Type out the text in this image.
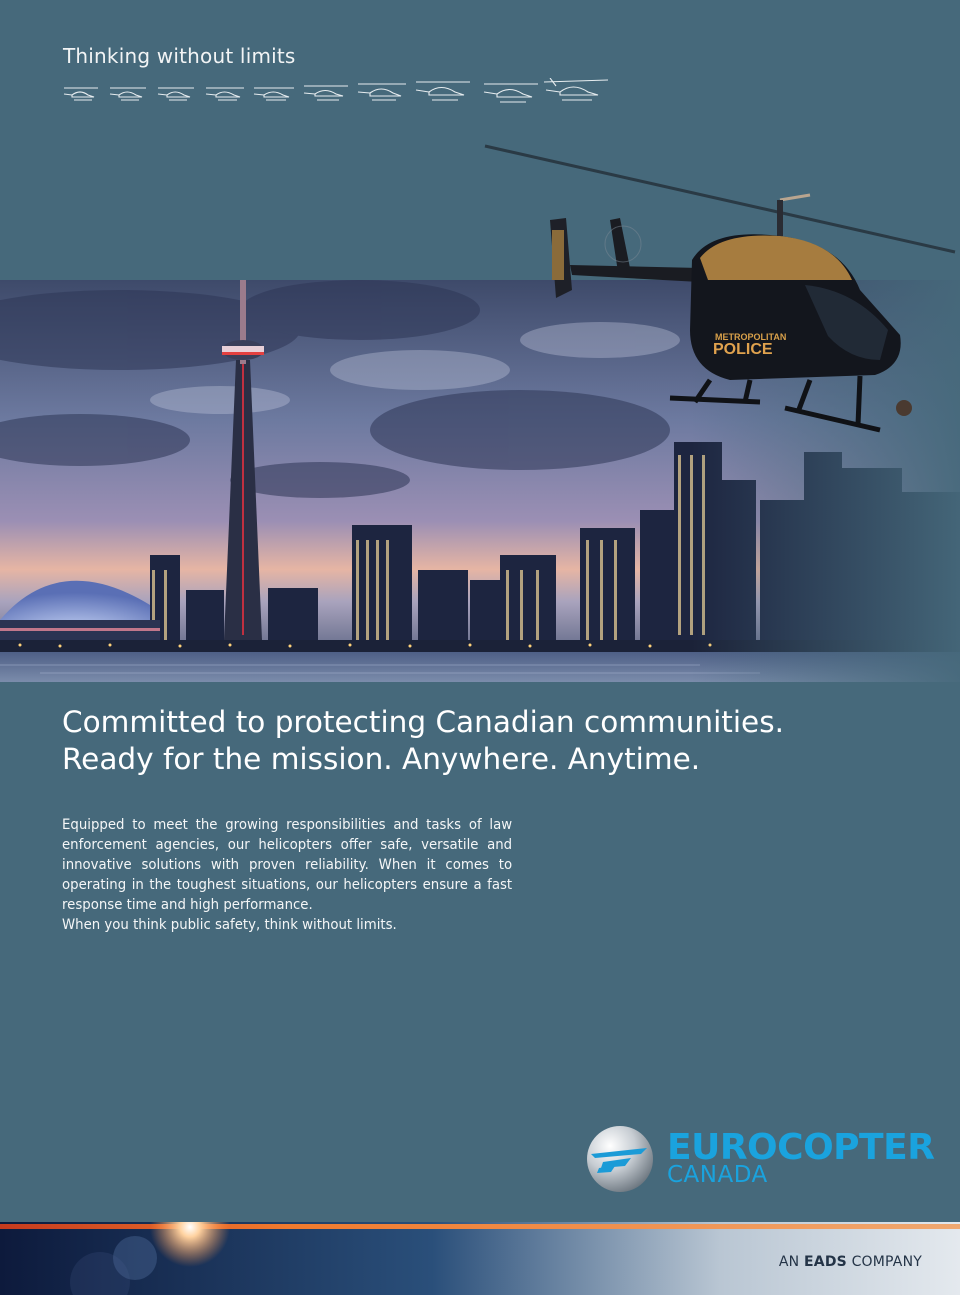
Thinking without limits
METROPOLITAN
POLICE
Committed to protecting Canadian communities.
Ready for the mission. Anywhere. Anytime.

Equipped to meet the growing responsibilities and tasks of law enforcement agencies, our helicopters offer safe, versatile and innovative solutions with proven reliability. When it comes to operating in the toughest situations, our helicopters ensure a fast response time and high performance.

When you think public safety, think without limits.

EUROCOPTER
CANADA
AN EADS COMPANY
